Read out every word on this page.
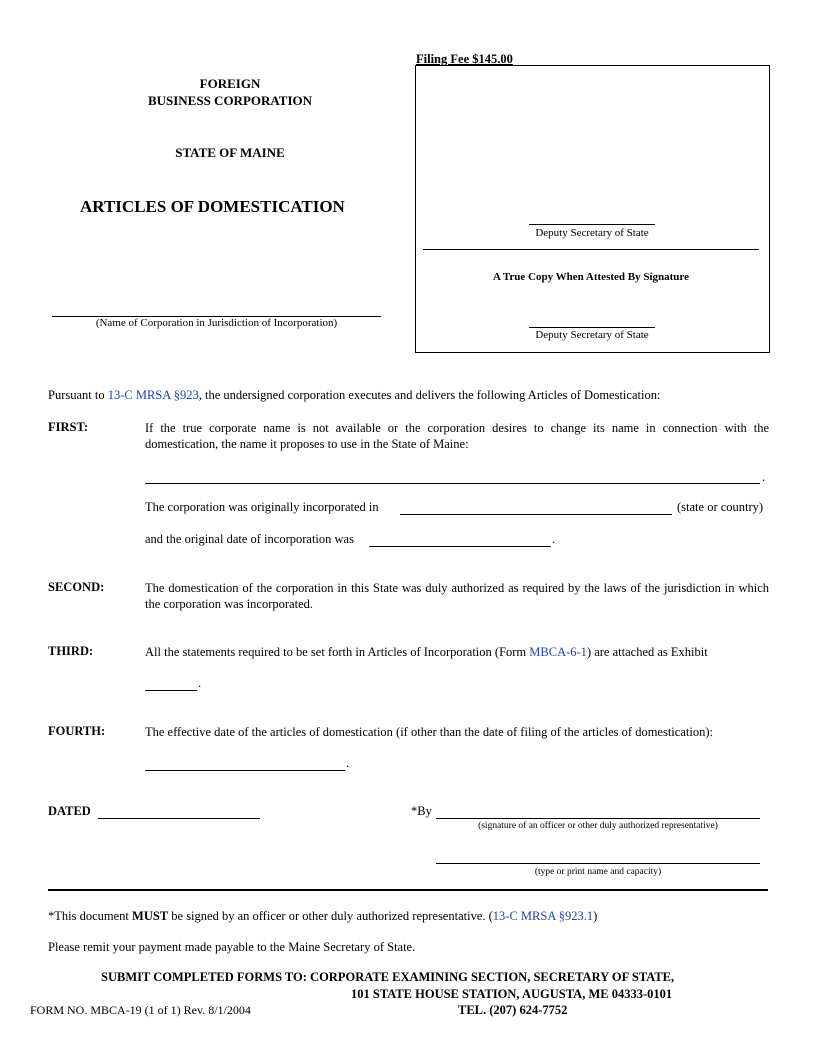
Filing Fee $145.00
FOREIGN
BUSINESS CORPORATION
STATE OF MAINE
ARTICLES OF DOMESTICATION
(Name of Corporation in Jurisdiction of Incorporation)
Deputy Secretary of State
A True Copy When Attested By Signature
Deputy Secretary of State
Pursuant to 13-C MRSA §923, the undersigned corporation executes and delivers the following Articles of Domestication:
FIRST:	If the true corporate name is not available or the corporation desires to change its name in connection with the domestication, the name it proposes to use in the State of Maine:
.
The corporation was originally incorporated in	(state or country)
and the original date of incorporation was	.
SECOND:	The domestication of the corporation in this State was duly authorized as required by the laws of the jurisdiction in which the corporation was incorporated.
THIRD:	All the statements required to be set forth in Articles of Incorporation (Form MBCA-6-1) are attached as Exhibit
.
FOURTH:	The effective date of the articles of domestication (if other than the date of filing of the articles of domestication):
.
DATED	*By
(signature of an officer or other duly authorized representative)
(type or print name and capacity)
*This document MUST be signed by an officer or other duly authorized representative. (13-C MRSA §923.1)
Please remit your payment made payable to the Maine Secretary of State.
SUBMIT COMPLETED FORMS TO: CORPORATE EXAMINING SECTION, SECRETARY OF STATE,
101 STATE HOUSE STATION, AUGUSTA, ME 04333-0101
FORM NO. MBCA-19 (1 of 1) Rev. 8/1/2004	TEL. (207) 624-7752
